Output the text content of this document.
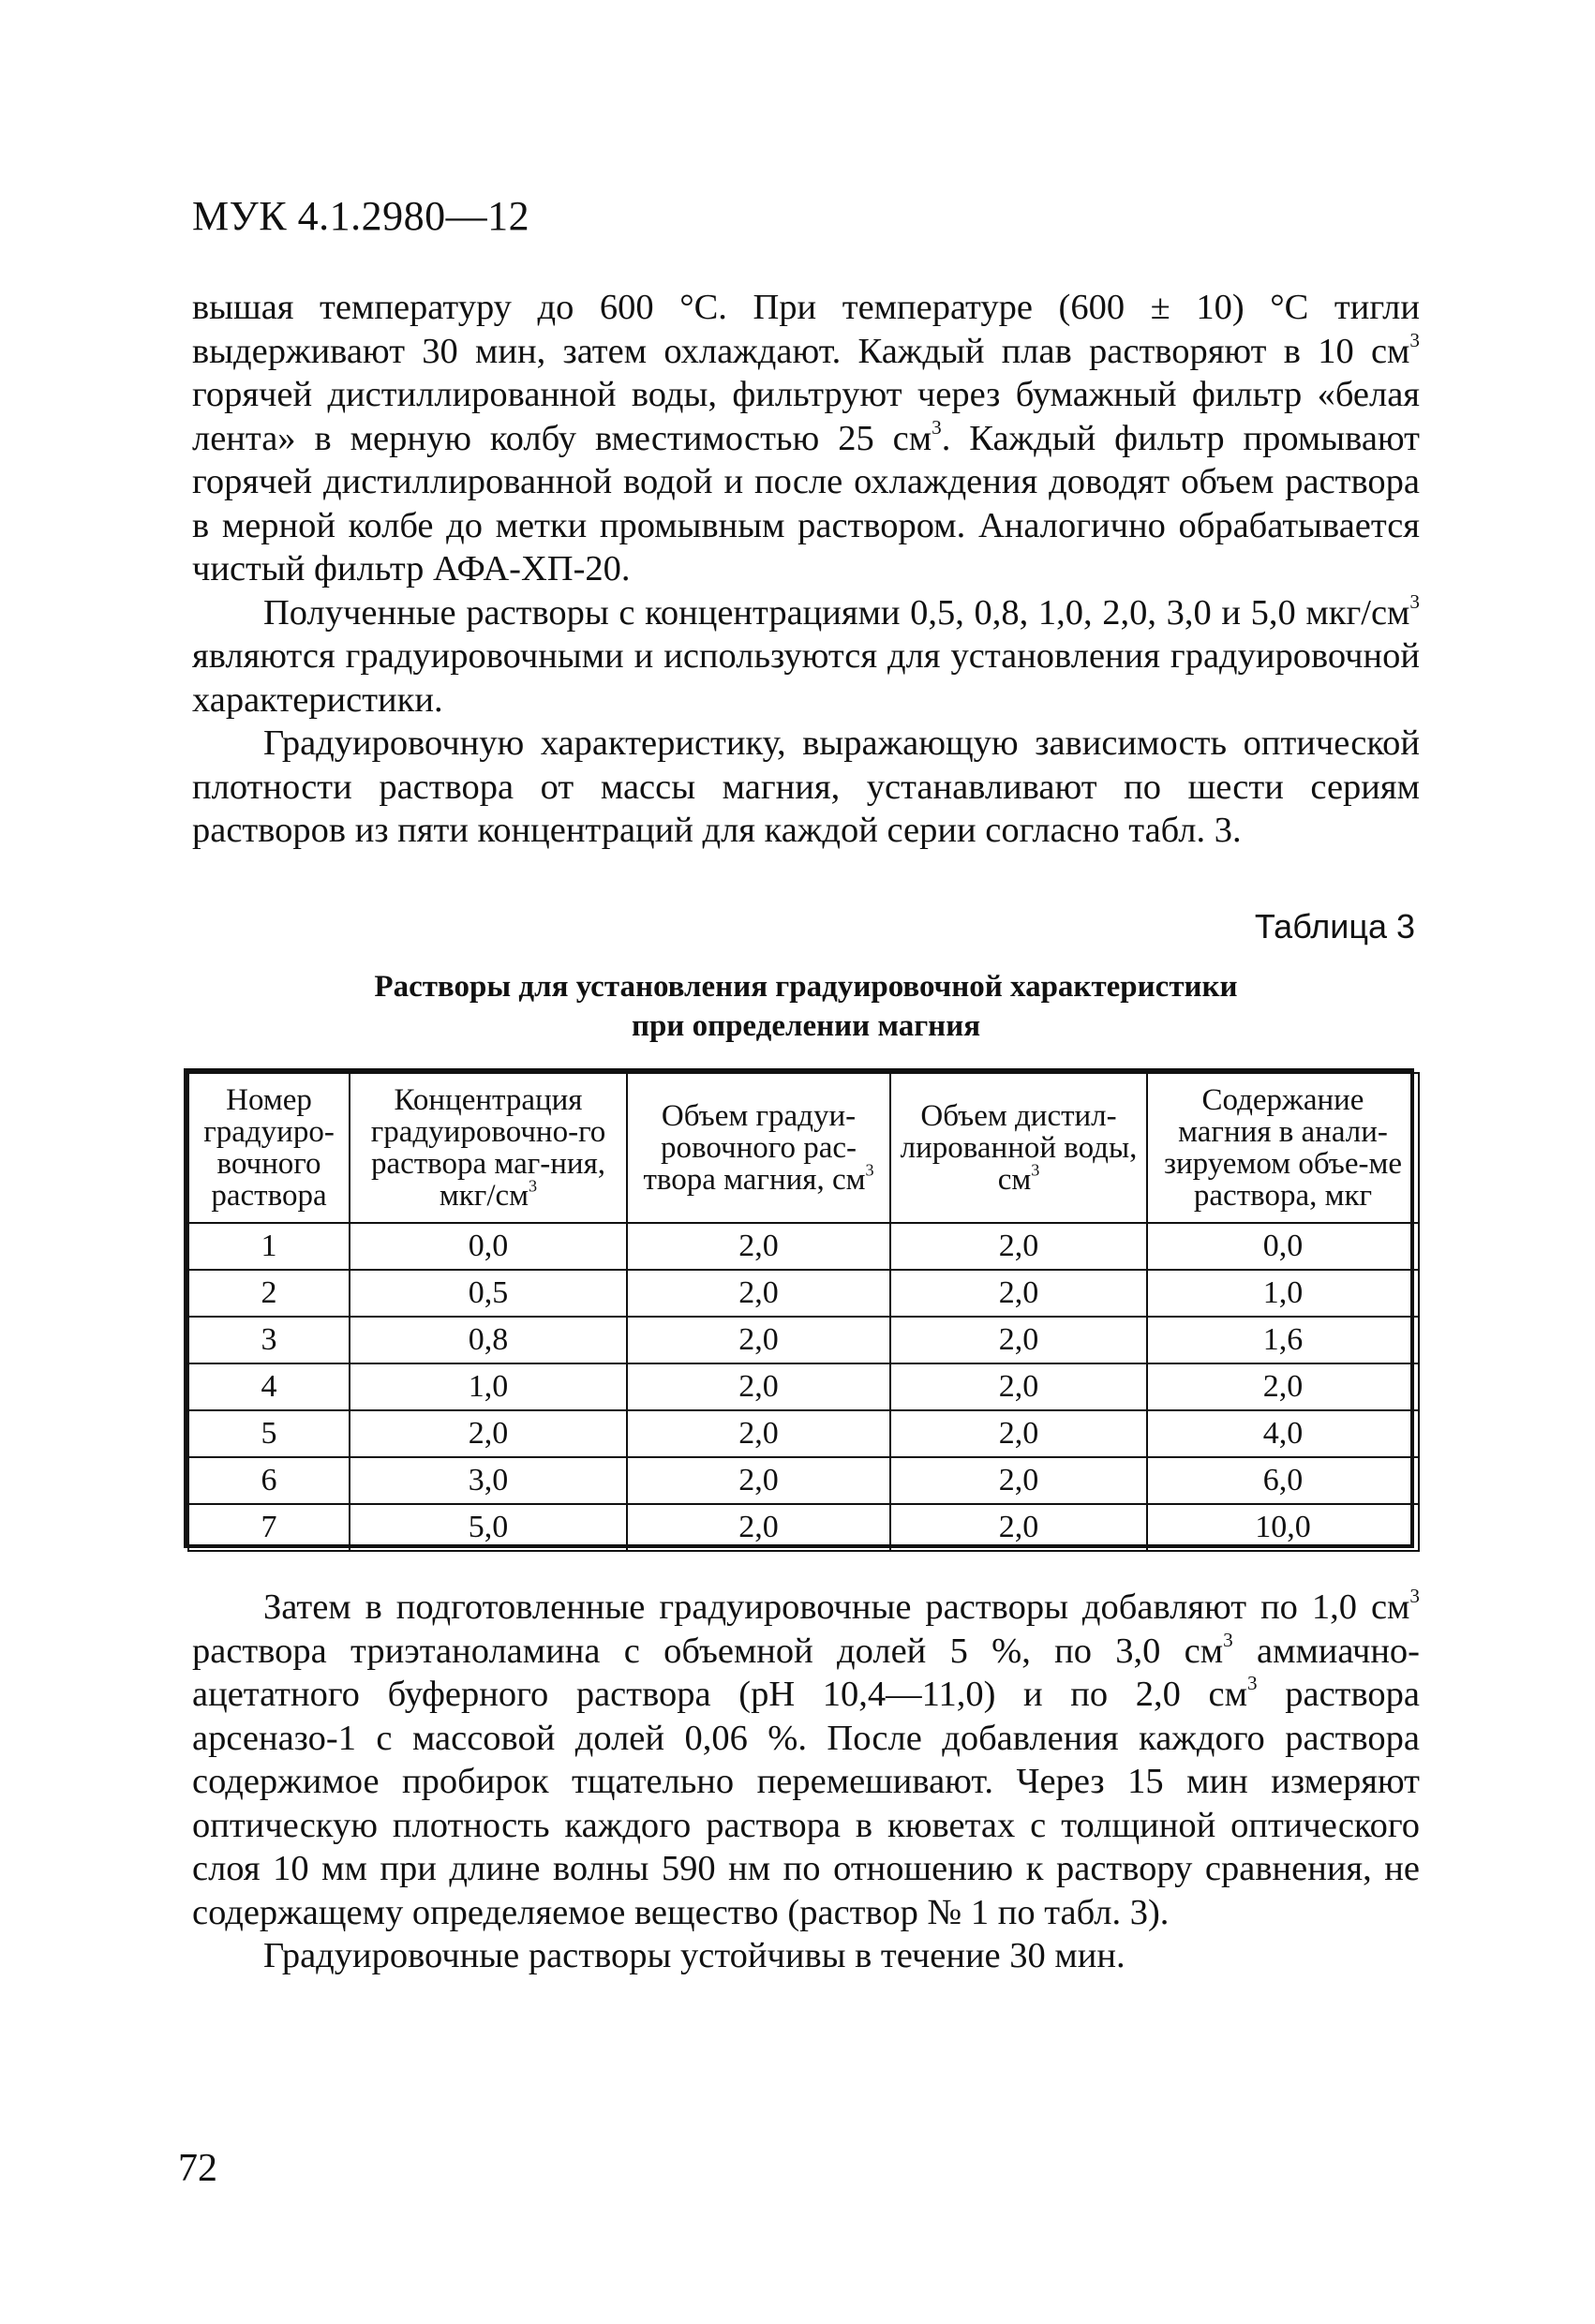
МУК 4.1.2980—12

вышая температуру до 600 °С. При температуре (600 ± 10) °С тигли выдерживают 30 мин, затем охлаждают. Каждый плав растворяют в 10 $см^3$ горячей дистиллированной воды, фильтруют через бумажный фильтр «белая лента» в мерную колбу вместимостью 25 $см^3$. Каждый фильтр промывают горячей дистиллированной водой и после охлаждения доводят объем раствора в мерной колбе до метки промывным раствором. Аналогично обрабатывается чистый фильтр АФА-ХП-20.

Полученные растворы с концентрациями 0,5, 0,8, 1,0, 2,0, 3,0 и 5,0 мкг/$см^3$ являются градуировочными и используются для установления градуировочной характеристики.

Градуировочную характеристику, выражающую зависимость оптической плотности раствора от массы магния, устанавливают по шести сериям растворов из пяти концентраций для каждой серии согласно табл. 3.

Таблица 3
Растворы для установления градуировочной характеристики
при определении магния
Номер градуиро-вочного раствора	Концентрация градуировочно-го раствора маг-ния, мкг/$см^3$	Объем градуи-ровочного рас-твора магния, $см^3$	Объем дистил-лированной воды, $см^3$	Содержание магния в анали-зируемом объе-ме раствора, мкг
1	0,0	2,0	2,0	0,0
2	0,5	2,0	2,0	1,0
3	0,8	2,0	2,0	1,6
4	1,0	2,0	2,0	2,0
5	2,0	2,0	2,0	4,0
6	3,0	2,0	2,0	6,0
7	5,0	2,0	2,0	10,0

Затем в подготовленные градуировочные растворы добавляют по 1,0 $см^3$ раствора триэтаноламина с объемной долей 5 %, по 3,0 $см^3$ аммиачно-ацетатного буферного раствора (рН 10,4—11,0) и по 2,0 $см^3$ раствора арсеназо-1 с массовой долей 0,06 %. После добавления каждого раствора содержимое пробирок тщательно перемешивают. Через 15 мин измеряют оптическую плотность каждого раствора в кюветах с толщиной оптического слоя 10 мм при длине волны 590 нм по отношению к раствору сравнения, не содержащему определяемое вещество (раствор № 1 по табл. 3).

Градуировочные растворы устойчивы в течение 30 мин.

72
